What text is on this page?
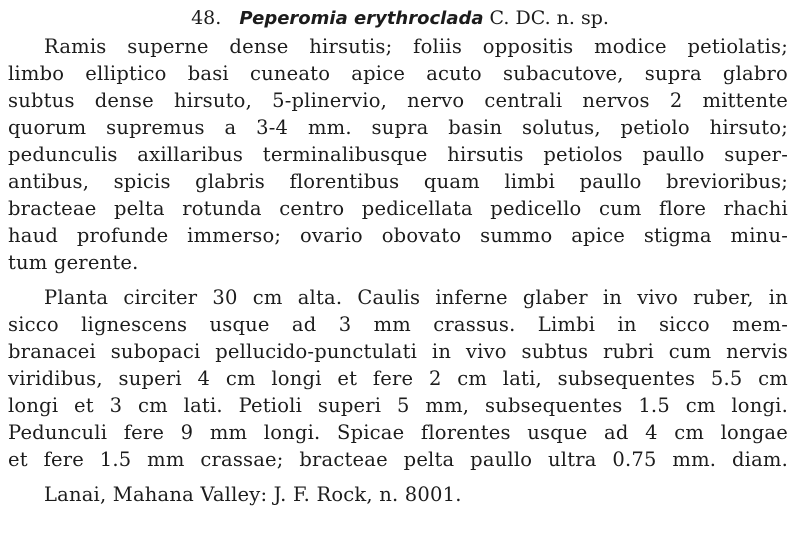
48. Peperomia erythroclada C. DC. n. sp.
Ramis superne dense hirsutis; foliis oppositis modice petiolatis;
limbo elliptico basi cuneato apice acuto subacutove, supra glabro
subtus dense hirsuto, 5-plinervio, nervo centrali nervos 2 mittente
quorum supremus a 3-4 mm. supra basin solutus, petiolo hirsuto;
pedunculis axillaribus terminalibusque hirsutis petiolos paullo super-
antibus, spicis glabris florentibus quam limbi paullo brevioribus;
bracteae pelta rotunda centro pedicellata pedicello cum flore rhachi
haud profunde immerso; ovario obovato summo apice stigma minu-
tum gerente.
Planta circiter 30 cm alta. Caulis inferne glaber in vivo ruber, in
sicco lignescens usque ad 3 mm crassus. Limbi in sicco mem-
branacei subopaci pellucido-punctulati in vivo subtus rubri cum nervis
viridibus, superi 4 cm longi et fere 2 cm lati, subsequentes 5.5 cm
longi et 3 cm lati. Petioli superi 5 mm, subsequentes 1.5 cm longi.
Pedunculi fere 9 mm longi. Spicae florentes usque ad 4 cm longae
et fere 1.5 mm crassae; bracteae pelta paullo ultra 0.75 mm. diam.
Lanai, Mahana Valley: J. F. Rock, n. 8001.
